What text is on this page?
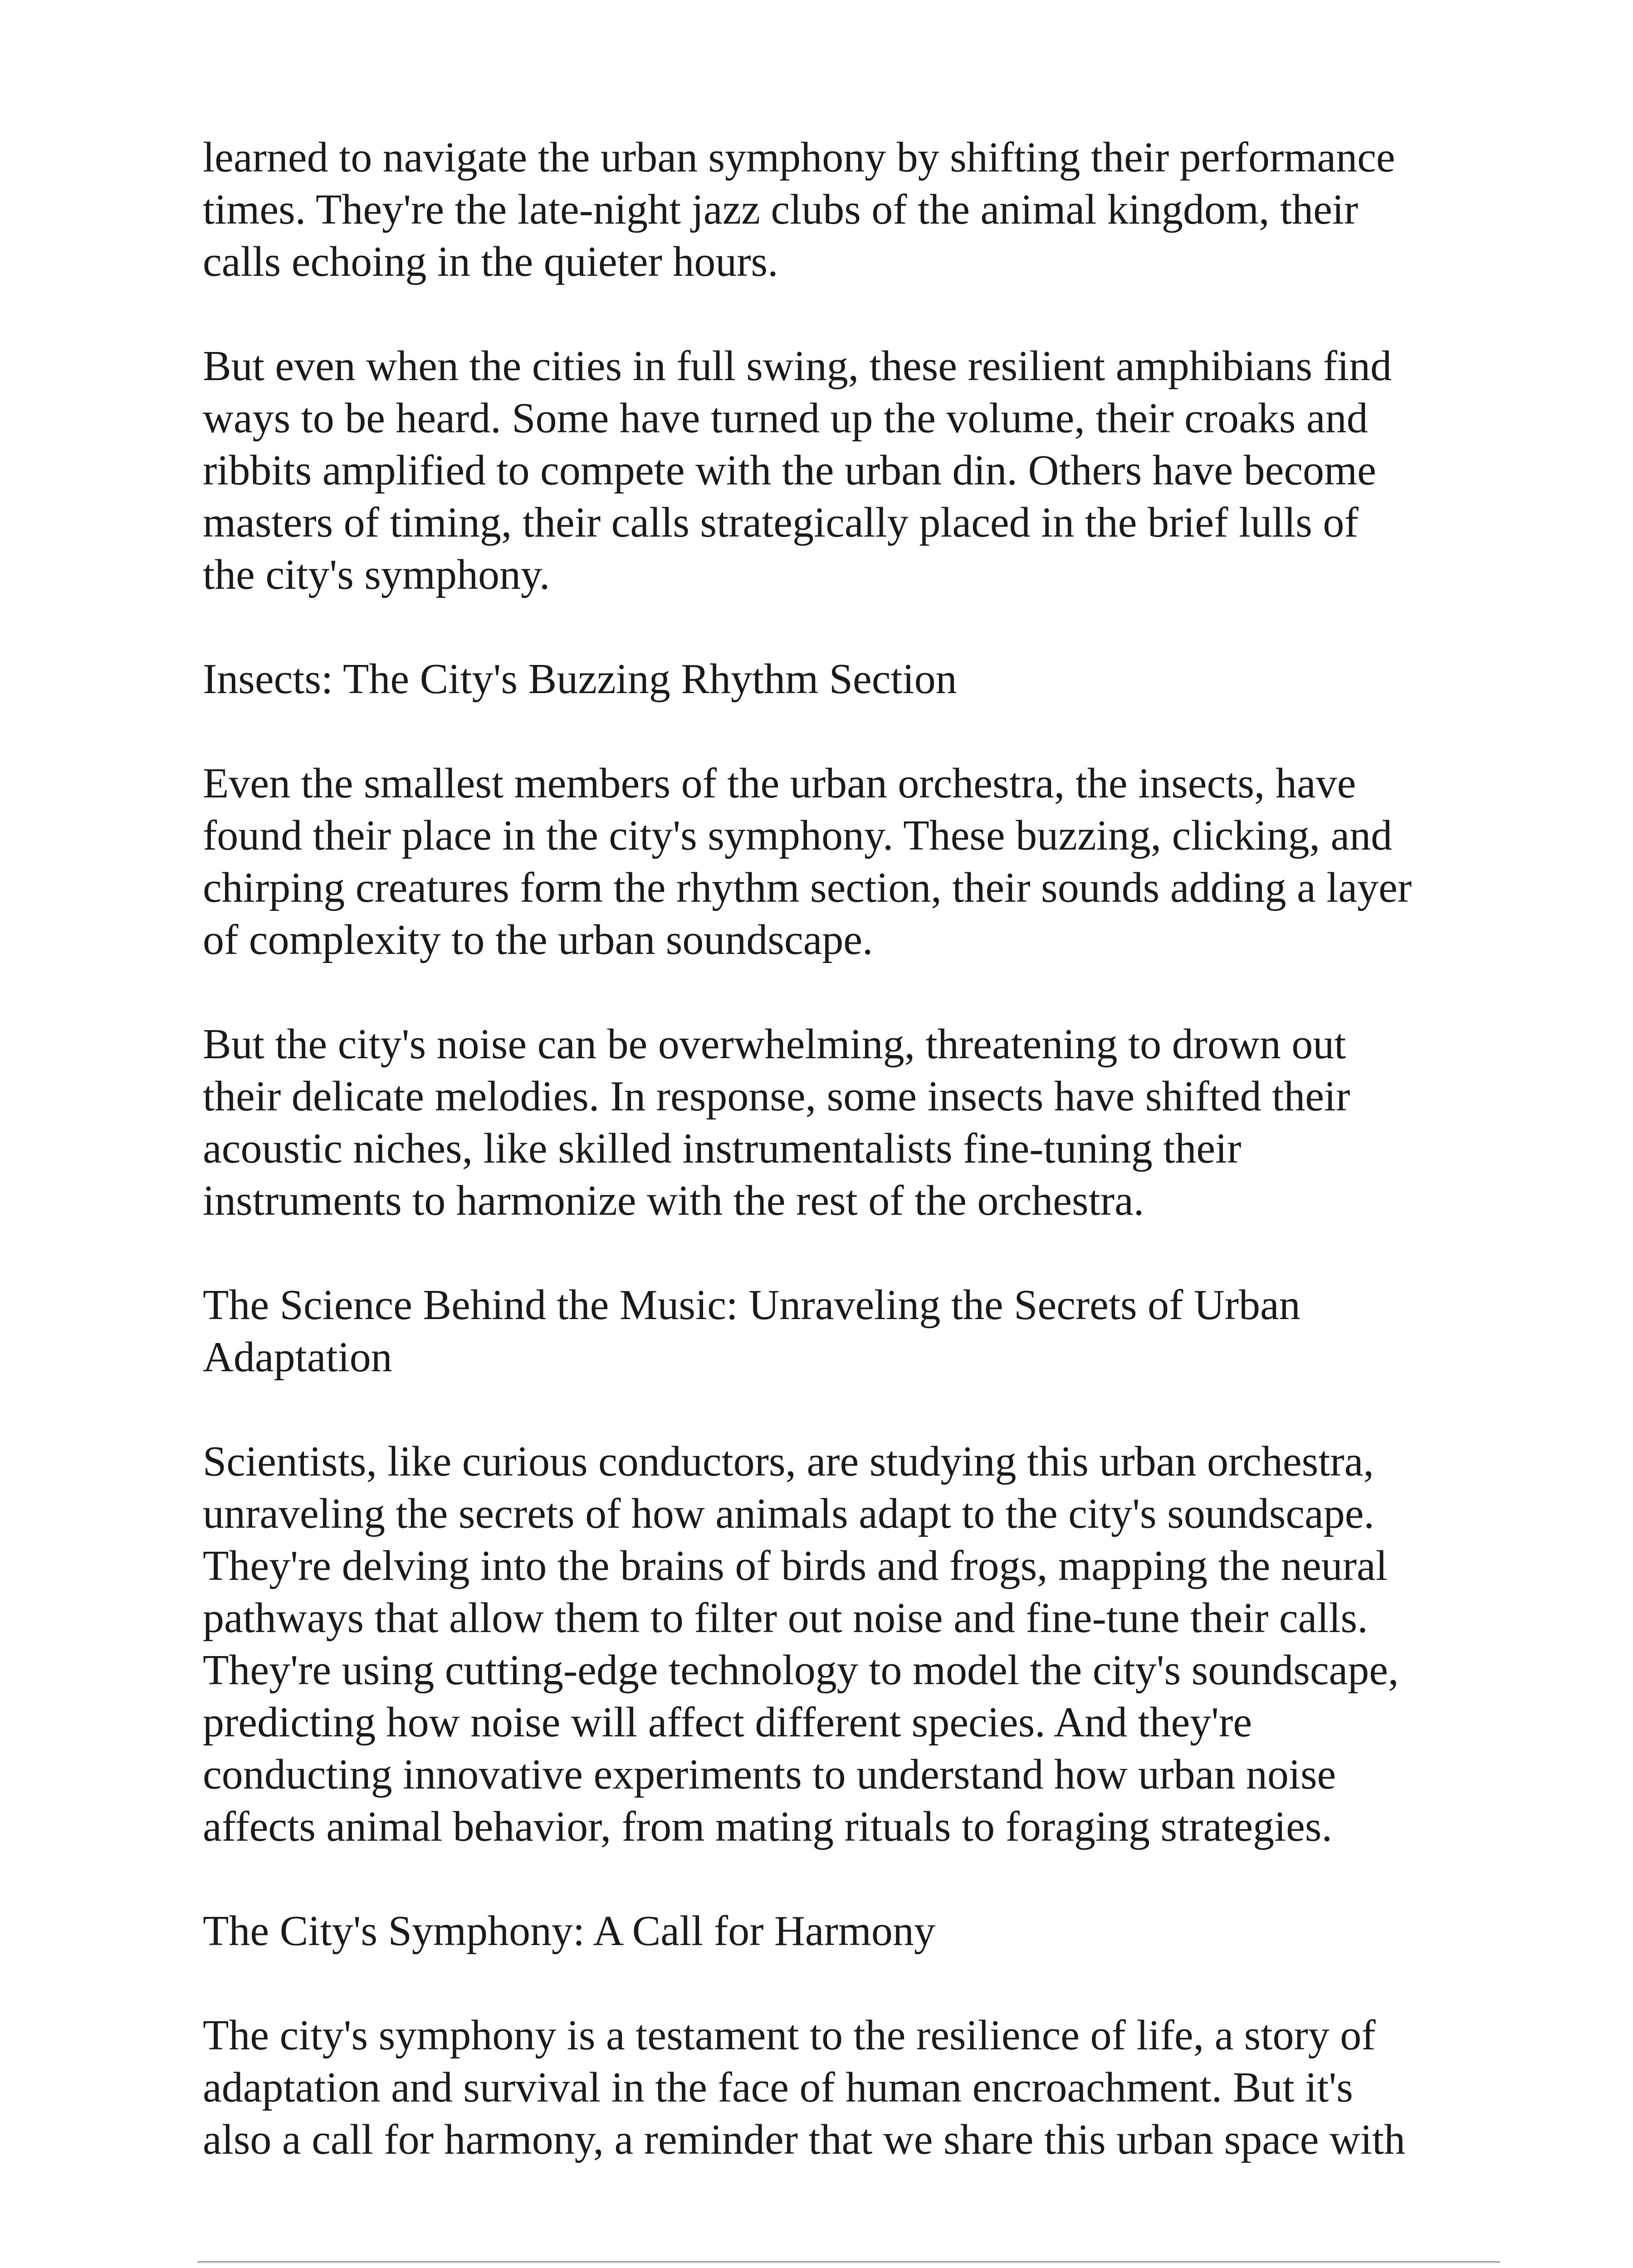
learned to navigate the urban symphony by shifting their performance
times. They're the late-night jazz clubs of the animal kingdom, their
calls echoing in the quieter hours.

But even when the cities in full swing, these resilient amphibians find
ways to be heard. Some have turned up the volume, their croaks and
ribbits amplified to compete with the urban din. Others have become
masters of timing, their calls strategically placed in the brief lulls of
the city's symphony.

Insects: The City's Buzzing Rhythm Section

Even the smallest members of the urban orchestra, the insects, have
found their place in the city's symphony. These buzzing, clicking, and
chirping creatures form the rhythm section, their sounds adding a layer
of complexity to the urban soundscape.

But the city's noise can be overwhelming, threatening to drown out
their delicate melodies. In response, some insects have shifted their
acoustic niches, like skilled instrumentalists fine-tuning their
instruments to harmonize with the rest of the orchestra.

The Science Behind the Music: Unraveling the Secrets of Urban
Adaptation

Scientists, like curious conductors, are studying this urban orchestra,
unraveling the secrets of how animals adapt to the city's soundscape.
They're delving into the brains of birds and frogs, mapping the neural
pathways that allow them to filter out noise and fine-tune their calls.
They're using cutting-edge technology to model the city's soundscape,
predicting how noise will affect different species. And they're
conducting innovative experiments to understand how urban noise
affects animal behavior, from mating rituals to foraging strategies.

The City's Symphony: A Call for Harmony

The city's symphony is a testament to the resilience of life, a story of
adaptation and survival in the face of human encroachment. But it's
also a call for harmony, a reminder that we share this urban space with
